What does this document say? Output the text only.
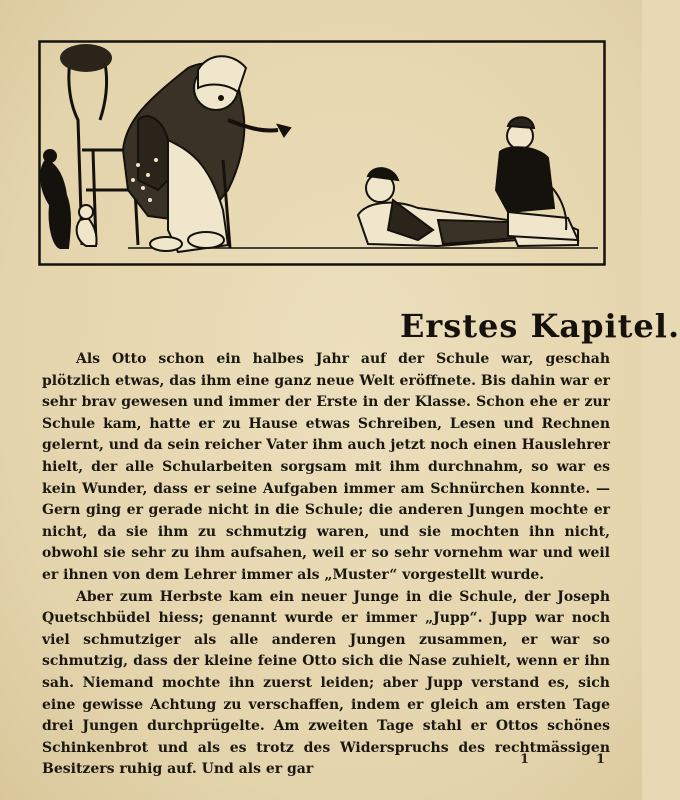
Erstes Kapitel.

Als Otto schon ein halbes Jahr auf der Schule war, geschah plötzlich etwas, das ihm eine ganz neue Welt eröffnete. Bis dahin war er sehr brav gewesen und immer der Erste in der Klasse. Schon ehe er zur Schule kam, hatte er zu Hause etwas Schreiben, Lesen und Rechnen gelernt, und da sein reicher Vater ihm auch jetzt noch einen Hauslehrer hielt, der alle Schularbeiten sorgsam mit ihm durchnahm, so war es kein Wunder, dass er seine Aufgaben immer am Schnürchen konnte. — Gern ging er gerade nicht in die Schule; die anderen Jungen mochte er nicht, da sie ihm zu schmutzig waren, und sie mochten ihn nicht, obwohl sie sehr zu ihm aufsahen, weil er so sehr vornehm war und weil er ihnen von dem Lehrer immer als „Muster“ vorgestellt wurde.

Aber zum Herbste kam ein neuer Junge in die Schule, der Joseph Quetschbüdel hiess; genannt wurde er immer „Jupp“. Jupp war noch viel schmutziger als alle anderen Jungen zusammen, er war so schmutzig, dass der kleine feine Otto sich die Nase zuhielt, wenn er ihn sah. Niemand mochte ihn zuerst leiden; aber Jupp verstand es, sich eine gewisse Achtung zu verschaffen, indem er gleich am ersten Tage drei Jungen durchprügelte. Am zweiten Tage stahl er Ottos schönes Schinkenbrot und als es trotz des Widerspruchs des rechtmässigen Besitzers ruhig auf. Und als er gar

1	1
